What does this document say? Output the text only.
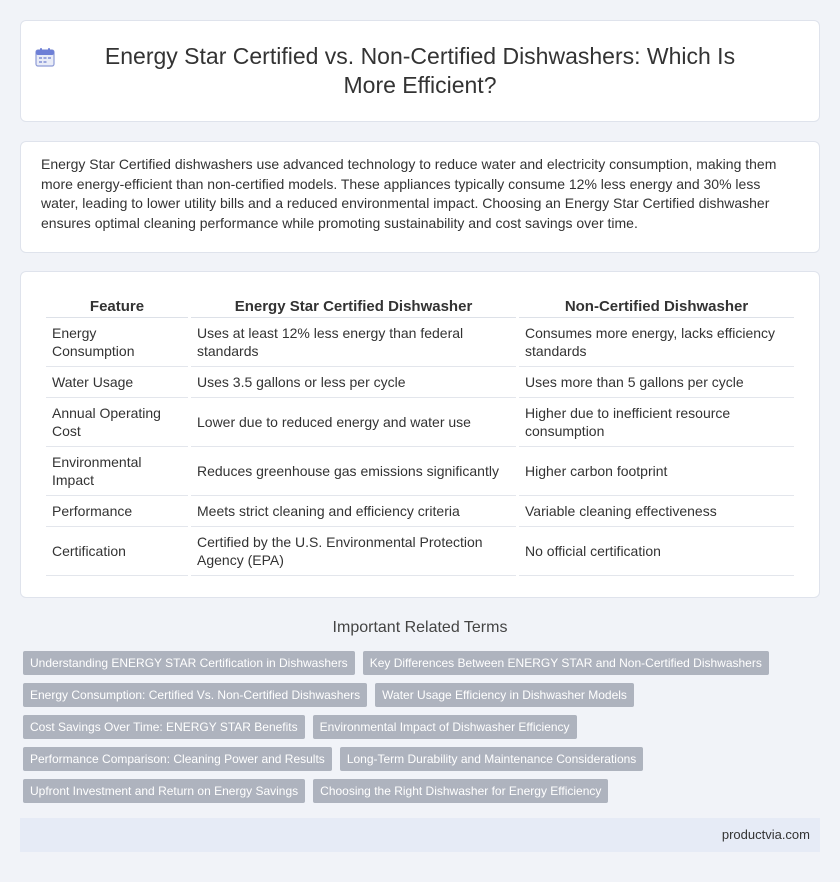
Energy Star Certified vs. Non-Certified Dishwashers: Which Is More Efficient?

Energy Star Certified dishwashers use advanced technology to reduce water and electricity consumption, making them more energy-efficient than non-certified models. These appliances typically consume 12% less energy and 30% less water, leading to lower utility bills and a reduced environmental impact. Choosing an Energy Star Certified dishwasher ensures optimal cleaning performance while promoting sustainability and cost savings over time.

Feature	Energy Star Certified Dishwasher	Non-Certified Dishwasher
Energy Consumption	Uses at least 12% less energy than federal standards	Consumes more energy, lacks efficiency standards
Water Usage	Uses 3.5 gallons or less per cycle	Uses more than 5 gallons per cycle
Annual Operating Cost	Lower due to reduced energy and water use	Higher due to inefficient resource consumption
Environmental Impact	Reduces greenhouse gas emissions significantly	Higher carbon footprint
Performance	Meets strict cleaning and efficiency criteria	Variable cleaning effectiveness
Certification	Certified by the U.S. Environmental Protection Agency (EPA)	No official certification
Important Related Terms
Understanding ENERGY STAR Certification in Dishwashers	Key Differences Between ENERGY STAR and Non-Certified Dishwashers
Energy Consumption: Certified Vs. Non-Certified Dishwashers	Water Usage Efficiency in Dishwasher Models
Cost Savings Over Time: ENERGY STAR Benefits	Environmental Impact of Dishwasher Efficiency
Performance Comparison: Cleaning Power and Results	Long-Term Durability and Maintenance Considerations
Upfront Investment and Return on Energy Savings	Choosing the Right Dishwasher for Energy Efficiency
productvia.com
